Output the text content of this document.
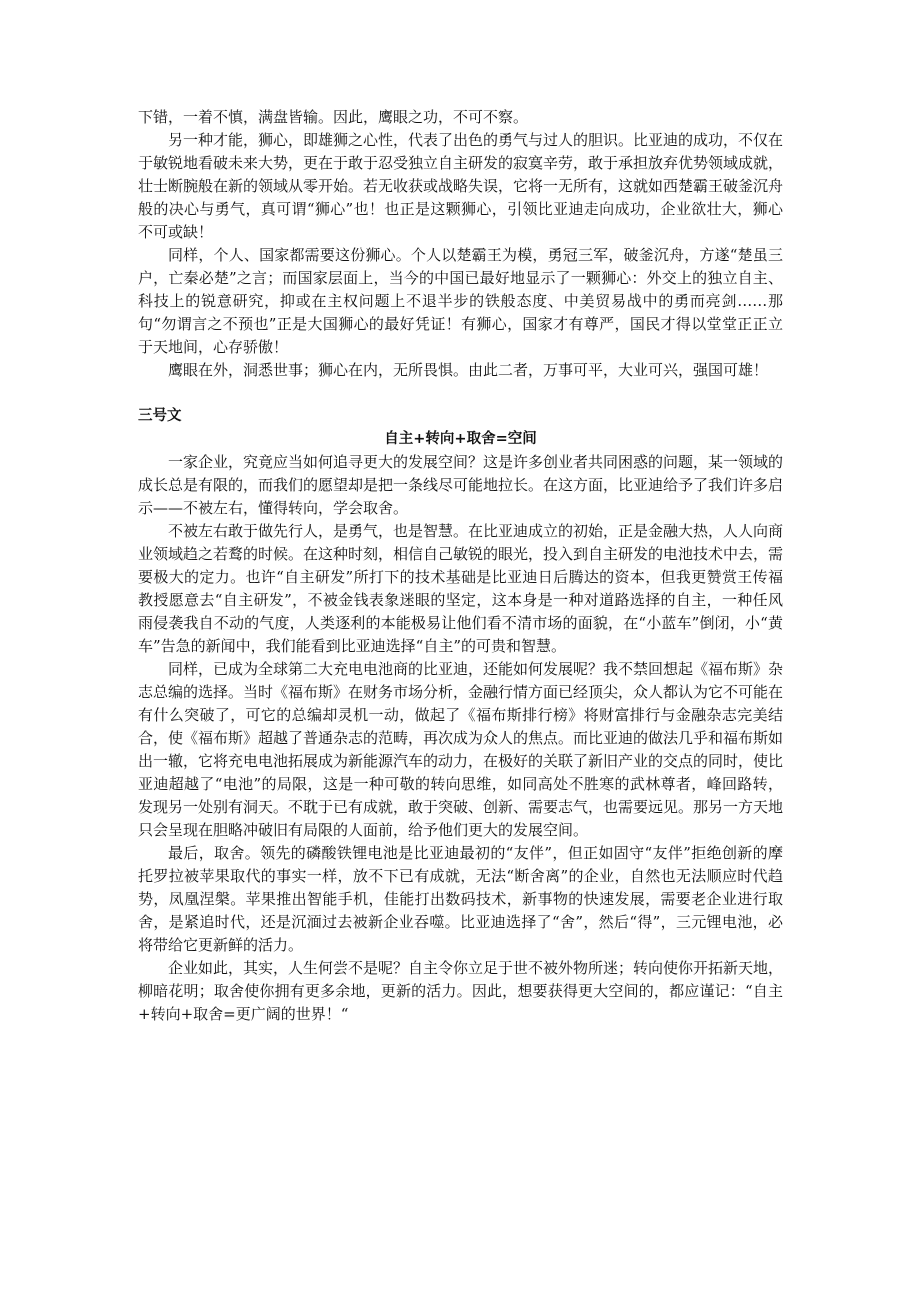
下错，一着不慎，满盘皆输。因此，鹰眼之功，不可不察。

另一种才能，狮心，即雄狮之心性，代表了出色的勇气与过人的胆识。比亚迪的成功，不仅在于敏锐地看破未来大势，更在于敢于忍受独立自主研发的寂寞辛劳，敢于承担放弃优势领域成就，壮士断腕般在新的领域从零开始。若无收获或战略失误，它将一无所有，这就如西楚霸王破釜沉舟般的决心与勇气，真可谓“狮心”也！也正是这颗狮心，引领比亚迪走向成功，企业欲壮大，狮心不可或缺！

同样，个人、国家都需要这份狮心。个人以楚霸王为模，勇冠三军，破釜沉舟，方遂“楚虽三户，亡秦必楚”之言；而国家层面上，当今的中国已最好地显示了一颗狮心：外交上的独立自主、科技上的锐意研究，抑或在主权问题上不退半步的铁般态度、中美贸易战中的勇而亮剑……那句“勿谓言之不预也”正是大国狮心的最好凭证！有狮心，国家才有尊严，国民才得以堂堂正正立于天地间，心存骄傲！

鹰眼在外，洞悉世事；狮心在内，无所畏惧。由此二者，万事可平，大业可兴，强国可雄！

三号文

自主+转向+取舍=空间

一家企业，究竟应当如何追寻更大的发展空间？这是许多创业者共同困惑的问题，某一领域的成长总是有限的，而我们的愿望却是把一条线尽可能地拉长。在这方面，比亚迪给予了我们许多启示——不被左右，懂得转向，学会取舍。

不被左右敢于做先行人，是勇气，也是智慧。在比亚迪成立的初始，正是金融大热，人人向商业领域趋之若鹜的时候。在这种时刻，相信自己敏锐的眼光，投入到自主研发的电池技术中去，需要极大的定力。也许“自主研发”所打下的技术基础是比亚迪日后腾达的资本，但我更赞赏王传福教授愿意去“自主研发”，不被金钱表象迷眼的坚定，这本身是一种对道路选择的自主，一种任风雨侵袭我自不动的气度，人类逐利的本能极易让他们看不清市场的面貌，在“小蓝车”倒闭，小“黄车”告急的新闻中，我们能看到比亚迪选择“自主”的可贵和智慧。

同样，已成为全球第二大充电电池商的比亚迪，还能如何发展呢？我不禁回想起《福布斯》杂志总编的选择。当时《福布斯》在财务市场分析，金融行情方面已经顶尖，众人都认为它不可能在有什么突破了，可它的总编却灵机一动，做起了《福布斯排行榜》将财富排行与金融杂志完美结合，使《福布斯》超越了普通杂志的范畴，再次成为众人的焦点。而比亚迪的做法几乎和福布斯如出一辙，它将充电电池拓展成为新能源汽车的动力，在极好的关联了新旧产业的交点的同时，使比亚迪超越了“电池”的局限，这是一种可敬的转向思维，如同高处不胜寒的武林尊者，峰回路转，发现另一处别有洞天。不耽于已有成就，敢于突破、创新、需要志气，也需要远见。那另一方天地只会呈现在胆略冲破旧有局限的人面前，给予他们更大的发展空间。

最后，取舍。领先的磷酸铁锂电池是比亚迪最初的“友伴”，但正如固守“友伴”拒绝创新的摩托罗拉被苹果取代的事实一样，放不下已有成就，无法“断舍离”的企业，自然也无法顺应时代趋势，凤凰涅槃。苹果推出智能手机，佳能打出数码技术，新事物的快速发展，需要老企业进行取舍，是紧追时代，还是沉湎过去被新企业吞噬。比亚迪选择了“舍”，然后“得”，三元锂电池，必将带给它更新鲜的活力。

企业如此，其实，人生何尝不是呢？自主令你立足于世不被外物所迷；转向使你开拓新天地，柳暗花明；取舍使你拥有更多余地，更新的活力。因此，想要获得更大空间的，都应谨记：“自主+转向+取舍=更广阔的世界！“
